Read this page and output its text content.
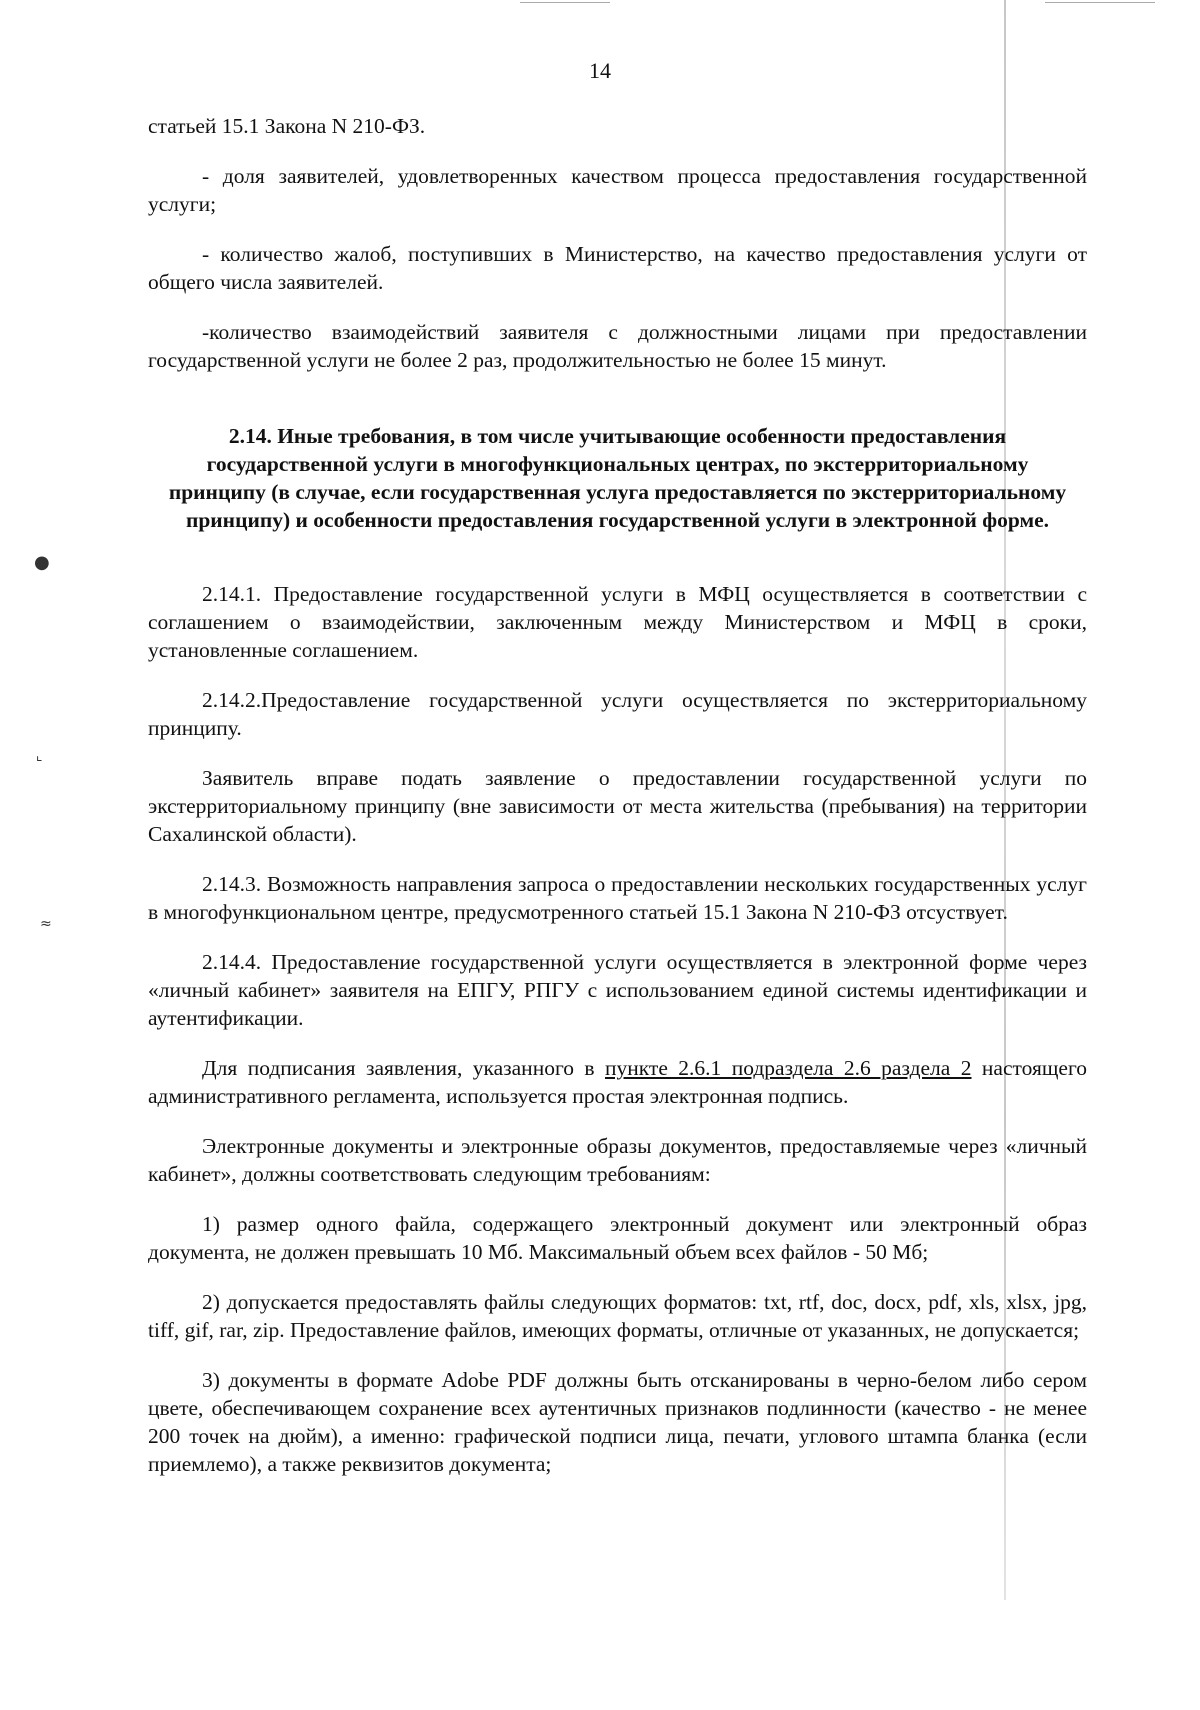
●
⌞
≈
14

статьей 15.1 Закона N 210-ФЗ.

- доля заявителей, удовлетворенных качеством процесса предоставления государственной услуги;

- количество жалоб, поступивших в Министерство, на качество предоставления услуги от общего числа заявителей.

-количество взаимодействий заявителя с должностными лицами при предоставлении государственной услуги не более 2 раз, продолжительностью не более 15 минут.

2.14. Иные требования, в том числе учитывающие особенности предоставления государственной услуги в многофункциональных центрах, по экстерриториальному принципу (в случае, если государственная услуга предоставляется по экстерриториальному принципу) и особенности предоставления государственной услуги в электронной форме.

2.14.1. Предоставление государственной услуги в МФЦ осуществляется в соответствии с соглашением о взаимодействии, заключенным между Министерством и МФЦ в сроки, установленные соглашением.

2.14.2.Предоставление государственной услуги осуществляется по экстерриториальному принципу.

Заявитель вправе подать заявление о предоставлении государственной услуги по экстерриториальному принципу (вне зависимости от места жительства (пребывания) на территории Сахалинской области).

2.14.3. Возможность направления запроса о предоставлении нескольких государственных услуг в многофункциональном центре, предусмотренного статьей 15.1 Закона N 210-ФЗ отсуствует.

2.14.4. Предоставление государственной услуги осуществляется в электронной форме через «личный кабинет» заявителя на ЕПГУ, РПГУ с использованием единой системы идентификации и аутентификации.

Для подписания заявления, указанного в пункте 2.6.1 подраздела 2.6 раздела 2 настоящего административного регламента, используется простая электронная подпись.

Электронные документы и электронные образы документов, предоставляемые через «личный кабинет», должны соответствовать следующим требованиям:

1) размер одного файла, содержащего электронный документ или электронный образ документа, не должен превышать 10 Мб. Максимальный объем всех файлов - 50 Мб;

2) допускается предоставлять файлы следующих форматов: txt, rtf, doc, docx, pdf, xls, xlsx, jpg, tiff, gif, rar, zip. Предоставление файлов, имеющих форматы, отличные от указанных, не допускается;

3) документы в формате Adobe PDF должны быть отсканированы в черно-белом либо сером цвете, обеспечивающем сохранение всех аутентичных признаков подлинности (качество - не менее 200 точек на дюйм), а именно: графической подписи лица, печати, углового штампа бланка (если приемлемо), а также реквизитов документа;
